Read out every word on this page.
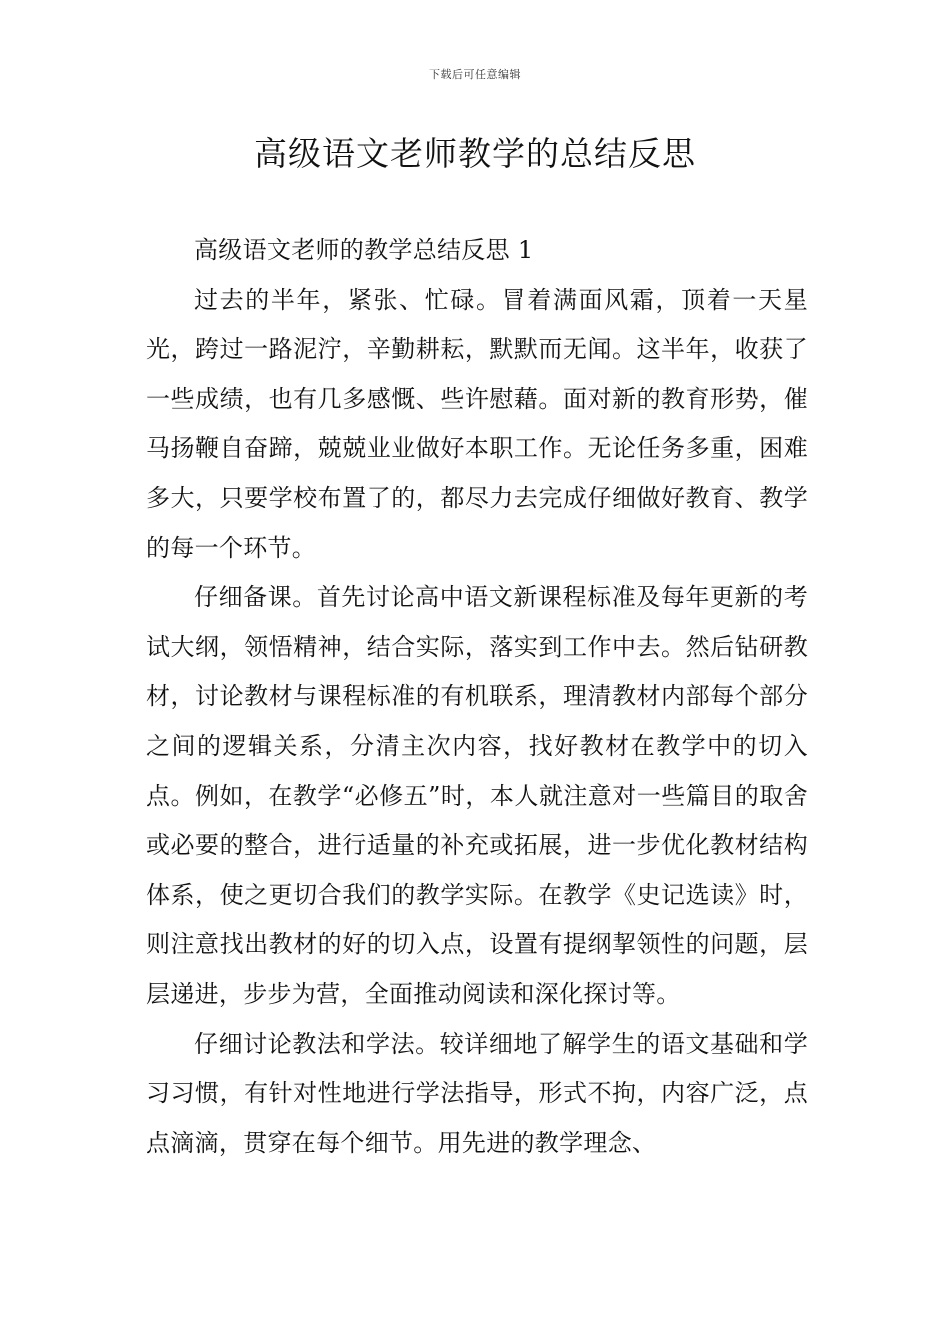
下载后可任意编辑
高级语文老师教学的总结反思

高级语文老师的教学总结反思 1

过去的半年，紧张、忙碌。冒着满面风霜，顶着一天星光，跨过一路泥泞，辛勤耕耘，默默而无闻。这半年，收获了一些成绩，也有几多感慨、些许慰藉。面对新的教育形势，催马扬鞭自奋蹄，兢兢业业做好本职工作。无论任务多重，困难多大，只要学校布置了的，都尽力去完成仔细做好教育、教学的每一个环节。

仔细备课。首先讨论高中语文新课程标准及每年更新的考试大纲，领悟精神，结合实际，落实到工作中去。然后钻研教材，讨论教材与课程标准的有机联系，理清教材内部每个部分之间的逻辑关系，分清主次内容，找好教材在教学中的切入点。例如，在教学“必修五”时，本人就注意对一些篇目的取舍或必要的整合，进行适量的补充或拓展，进一步优化教材结构体系，使之更切合我们的教学实际。在教学《史记选读》时，则注意找出教材的好的切入点，设置有提纲挈领性的问题，层层递进，步步为营，全面推动阅读和深化探讨等。

仔细讨论教法和学法。较详细地了解学生的语文基础和学习习惯，有针对性地进行学法指导，形式不拘，内容广泛，点点滴滴，贯穿在每个细节。用先进的教学理念、
